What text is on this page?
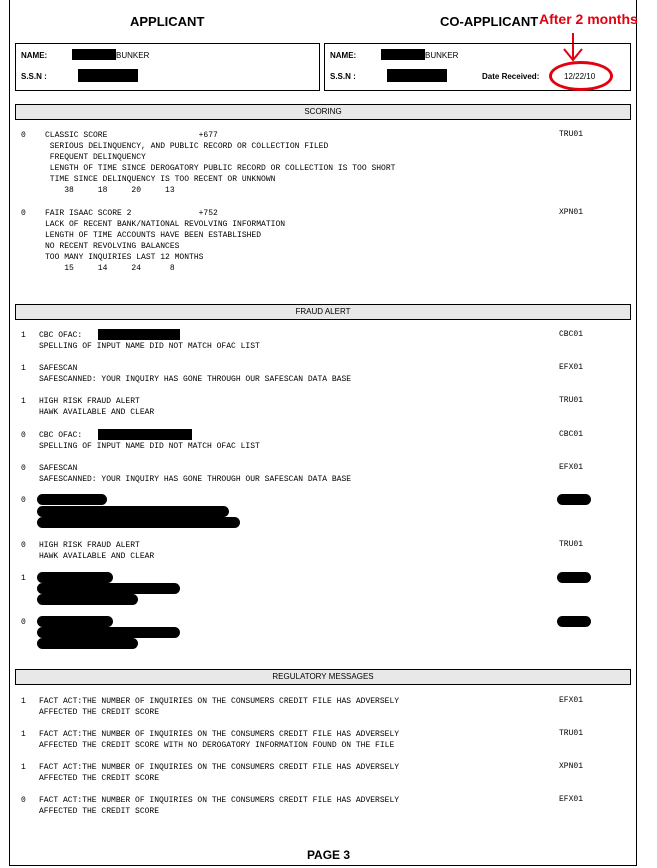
APPLICANT	CO-APPLICANT After 2 months
NAME:	BUNKER
S.S.N :
NAME:	BUNKER
S.S.N :	Date Received:	12/22/10
SCORING
0 CLASSIC SCORE                   +677
SERIOUS DELINQUENCY, AND PUBLIC RECORD OR COLLECTION FILED
FREQUENT DELINQUENCY
LENGTH OF TIME SINCE DEROGATORY PUBLIC RECORD OR COLLECTION IS TOO SHORT
TIME SINCE DELINQUENCY IS TOO RECENT OR UNKNOWN
38     18     20     13
TRU01
0 FAIR ISAAC SCORE 2              +752
LACK OF RECENT BANK/NATIONAL REVOLVING INFORMATION
LENGTH OF TIME ACCOUNTS HAVE BEEN ESTABLISHED
NO RECENT REVOLVING BALANCES
TOO MANY INQUIRIES LAST 12 MONTHS
15     14     24      8
XPN01
FRAUD ALERT
1 CBC OFAC:
SPELLING OF INPUT NAME DID NOT MATCH OFAC LIST
CBC01
1 SAFESCAN
SAFESCANNED: YOUR INQUIRY HAS GONE THROUGH OUR SAFESCAN DATA BASE
EFX01
1 HIGH RISK FRAUD ALERT
HAWK AVAILABLE AND CLEAR
TRU01
0 CBC OFAC:
SPELLING OF INPUT NAME DID NOT MATCH OFAC LIST
CBC01
0 SAFESCAN
SAFESCANNED: YOUR INQUIRY HAS GONE THROUGH OUR SAFESCAN DATA BASE
EFX01
0
0 HIGH RISK FRAUD ALERT
HAWK AVAILABLE AND CLEAR
TRU01
1
0
REGULATORY MESSAGES
1 FACT ACT:THE NUMBER OF INQUIRIES ON THE CONSUMERS CREDIT FILE HAS ADVERSELY
AFFECTED THE CREDIT SCORE
EFX01
1 FACT ACT:THE NUMBER OF INQUIRIES ON THE CONSUMERS CREDIT FILE HAS ADVERSELY
AFFECTED THE CREDIT SCORE WITH NO DEROGATORY INFORMATION FOUND ON THE FILE
TRU01
1 FACT ACT:THE NUMBER OF INQUIRIES ON THE CONSUMERS CREDIT FILE HAS ADVERSELY
AFFECTED THE CREDIT SCORE
XPN01
0 FACT ACT:THE NUMBER OF INQUIRIES ON THE CONSUMERS CREDIT FILE HAS ADVERSELY
AFFECTED THE CREDIT SCORE
EFX01
PAGE 3
